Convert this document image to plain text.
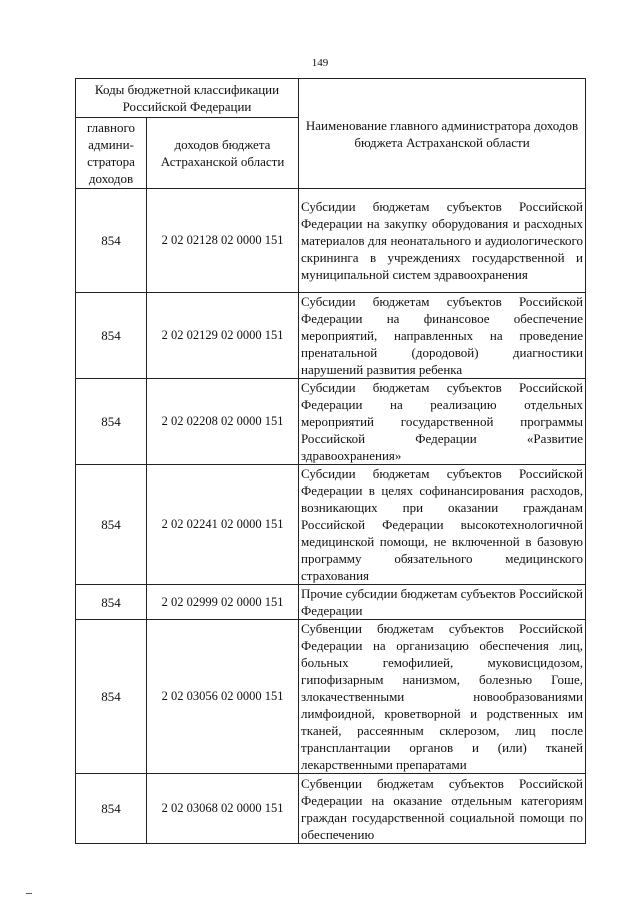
149
Коды бюджетной классификации Российской Федерации		Наименование главного администратора доходов бюджета Астраханской области
главного админи-стратора доходов	доходов бюджета Астраханской области	
854	2 02 02128 02 0000 151	Субсидии бюджетам субъектов Российской Федерации на закупку оборудования и расходных материалов для неонатального и аудиологического скрининга в учреждениях государственной и муниципальной систем здравоохранения
854	2 02 02129 02 0000 151	Субсидии бюджетам субъектов Российской Федерации на финансовое обеспечение мероприятий, направленных на проведение пренатальной (дородовой) диагностики нарушений развития ребенка
854	2 02 02208 02 0000 151	Субсидии бюджетам субъектов Российской Федерации на реализацию отдельных мероприятий государственной программы Российской Федерации «Развитие здравоохранения»
854	2 02 02241 02 0000 151	Субсидии бюджетам субъектов Российской Федерации в целях софинансирования расходов, возникающих при оказании гражданам Российской Федерации высокотехнологичной медицинской помощи, не включенной в базовую программу обязательного медицинского страхования
854	2 02 02999 02 0000 151	Прочие субсидии бюджетам субъектов Российской Федерации
854	2 02 03056 02 0000 151	Субвенции бюджетам субъектов Российской Федерации на организацию обеспечения лиц, больных гемофилией, муковисцидозом, гипофизарным нанизмом, болезнью Гоше, злокачественными новообразованиями лимфоидной, кроветворной и родственных им тканей, рассеянным склерозом, лиц после трансплантации органов и (или) тканей лекарственными препаратами
854	2 02 03068 02 0000 151	Субвенции бюджетам субъектов Российской Федерации на оказание отдельным категориям граждан государственной социальной помощи по обеспечению
